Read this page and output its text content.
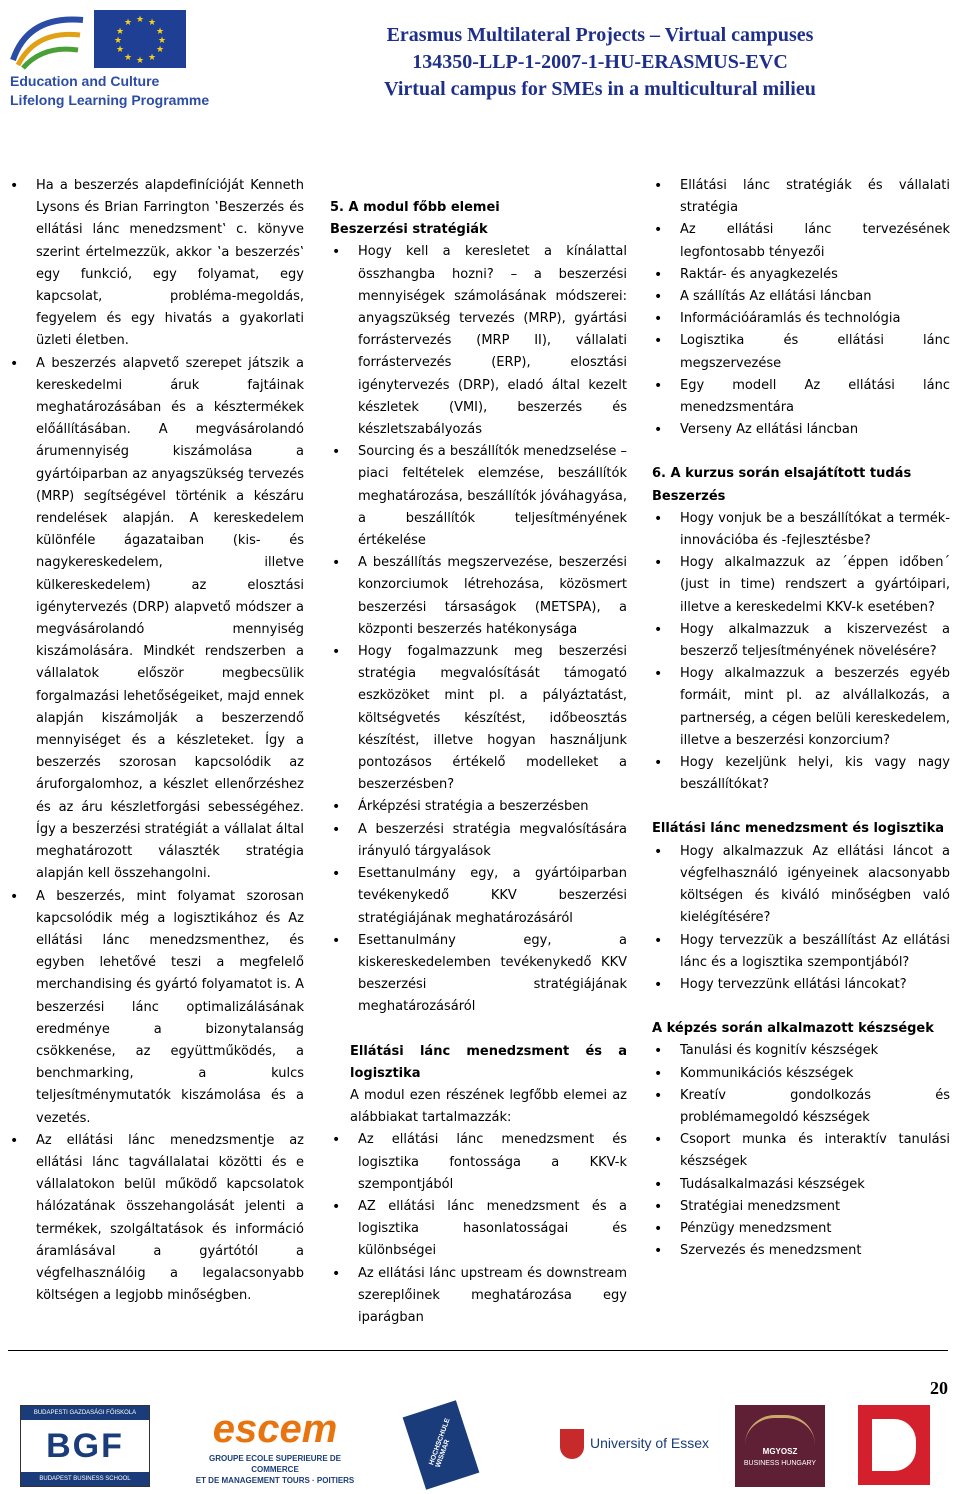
★ ★
★
★
★
★
★
★
★
★
★
★
Education and Culture
Lifelong Learning Programme
Erasmus Multilateral Projects – Virtual campuses
134350-LLP-1-2007-1-HU-ERASMUS-EVC
Virtual campus for SMEs in a multicultural milieu
• Ha a beszerzés alapdefinícióját Kenneth Lysons és Brian Farrington ‛Beszerzés és ellátási lánc menedzsment‛ c. könyve szerint értelmezzük, akkor ‛a beszerzés‛ egy funkció, egy folyamat, egy kapcsolat, probléma-megoldás, fegyelem és egy hivatás a gyakorlati üzleti életben.
• A beszerzés alapvető szerepet játszik a kereskedelmi áruk fajtáinak meghatározásában és a késztermékek előállításában. A megvásárolandó árumennyiség kiszámolása a gyártóiparban az anyagszükség tervezés (MRP) segítségével történik a készáru rendelések alapján. A kereskedelem különféle ágazataiban (kis- és nagykereskedelem, illetve külkereskedelem) az elosztási igénytervezés (DRP) alapvető módszer a megvásárolandó mennyiség kiszámolására. Mindkét rendszerben a vállalatok először megbecsülik forgalmazási lehetőségeiket, majd ennek alapján kiszámolják a beszerzendő mennyiséget és a készleteket. Így a beszerzés szorosan kapcsolódik az áruforgalomhoz, a készlet ellenőrzéshez és az áru készletforgási sebességéhez. Így a beszerzési stratégiát a vállalat által meghatározott választék stratégia alapján kell összehangolni.
• A beszerzés, mint folyamat szorosan kapcsolódik még a logisztikához és Az ellátási lánc menedzsmenthez, és egyben lehetővé teszi a megfelelő merchandising és gyártó folyamatot is. A beszerzési lánc optimalizálásának eredménye a bizonytalanság csökkenése, az együttműködés, a benchmarking, a kulcs teljesítménymutatók kiszámolása és a vezetés.
• Az ellátási lánc menedzsmentje az ellátási lánc tagvállalatai közötti és e vállalatokon belül működő kapcsolatok hálózatának összehangolását jelenti a termékek, szolgáltatások és információ áramlásával a gyártótól a végfelhasználóig a legalacsonyabb költségen a legjobb minőségben.
5. A modul főbb elemei
Beszerzési stratégiák
• Hogy kell a keresletet a kínálattal összhangba hozni? – a beszerzési mennyiségek számolásának módszerei: anyagszükség tervezés (MRP), gyártási forrástervezés (MRP II), vállalati forrástervezés (ERP), elosztási igénytervezés (DRP), eladó által kezelt készletek (VMI), beszerzés és készletszabályozás
• Sourcing és a beszállítók menedzselése – piaci feltételek elemzése, beszállítók meghatározása, beszállítók jóváhagyása, a beszállítók teljesítményének értékelése
• A beszállítás megszervezése, beszerzési konzorciumok létrehozása, közösmert beszerzési társaságok (METSPA), a központi beszerzés hatékonysága
• Hogy fogalmazzunk meg beszerzési stratégia megvalósítását támogató eszközöket mint pl. a pályáztatást, költségvetés készítést, időbeosztás készítést, illetve hogyan használjunk pontozásos értékelő modelleket a beszerzésben?
• Árképzési stratégia a beszerzésben
• A beszerzési stratégia megvalósítására irányuló tárgyalások
• Esettanulmány egy, a gyártóiparban tevékenykedő KKV beszerzési stratégiájának meghatározásáról
• Esettanulmány egy, a kiskereskedelemben tevékenykedő KKV beszerzési stratégiájának meghatározásáról
Ellátási lánc menedzsment és a logisztika
A modul ezen részének legfőbb elemei az alábbiakat tartalmazzák:
• Az ellátási lánc menedzsment és logisztika fontossága a KKV-k szempontjából
• AZ ellátási lánc menedzsment és a logisztika hasonlatosságai és különbségei
• Az ellátási lánc upstream és downstream szereplőinek meghatározása egy iparágban
• Ellátási lánc stratégiák és vállalati stratégia
• Az ellátási lánc tervezésének legfontosabb tényezői
• Raktár- és anyagkezelés
• A szállítás Az ellátási láncban
• Információáramlás és technológia
• Logisztika és ellátási lánc megszervezése
• Egy modell Az ellátási lánc menedzsmentára
• Verseny Az ellátási láncban
6. A kurzus során elsajátított tudás
Beszerzés
• Hogy vonjuk be a beszállítókat a termék-innovációba és -fejlesztésbe?
• Hogy alkalmazzuk az ´éppen időben´ (just in time) rendszert a gyártóipari, illetve a kereskedelmi KKV-k esetében?
• Hogy alkalmazzuk a kiszervezést a beszerző teljesítményének növelésére?
• Hogy alkalmazzuk a beszerzés egyéb formáit, mint pl. az alvállalkozás, a partnerség, a cégen belüli kereskedelem, illetve a beszerzési konzorcium?
• Hogy kezeljünk helyi, kis vagy nagy beszállítókat?
Ellátási lánc menedzsment és logisztika
• Hogy alkalmazzuk Az ellátási láncot a végfelhasználó igényeinek alacsonyabb költségen és kiváló minőségben való kielégítésére?
• Hogy tervezzük a beszállítást Az ellátási lánc és a logisztika szempontjából?
• Hogy tervezzünk ellátási láncokat?
A képzés során alkalmazott készségek
• Tanulási és kognitív készségek
• Kommunikációs készségek
• Kreatív gondolkozás és problémamegoldó készségek
• Csoport munka és interaktív tanulási készségek
• Tudásalkalmazási készségek
• Stratégiai menedzsment
• Pénzügy menedzsment
• Szervezés és menedzsment
20
BUDAPESTI GAZDASÁGI FŐISKOLA
BGF
BUDAPEST BUSINESS SCHOOL
escem
GROUPE ECOLE SUPERIEURE DE COMMERCE
ET DE MANAGEMENT TOURS · POITIERS
HOCHSCHULE WISMAR	University of Essex
MGYOSZ
BUSINESS HUNGARY
